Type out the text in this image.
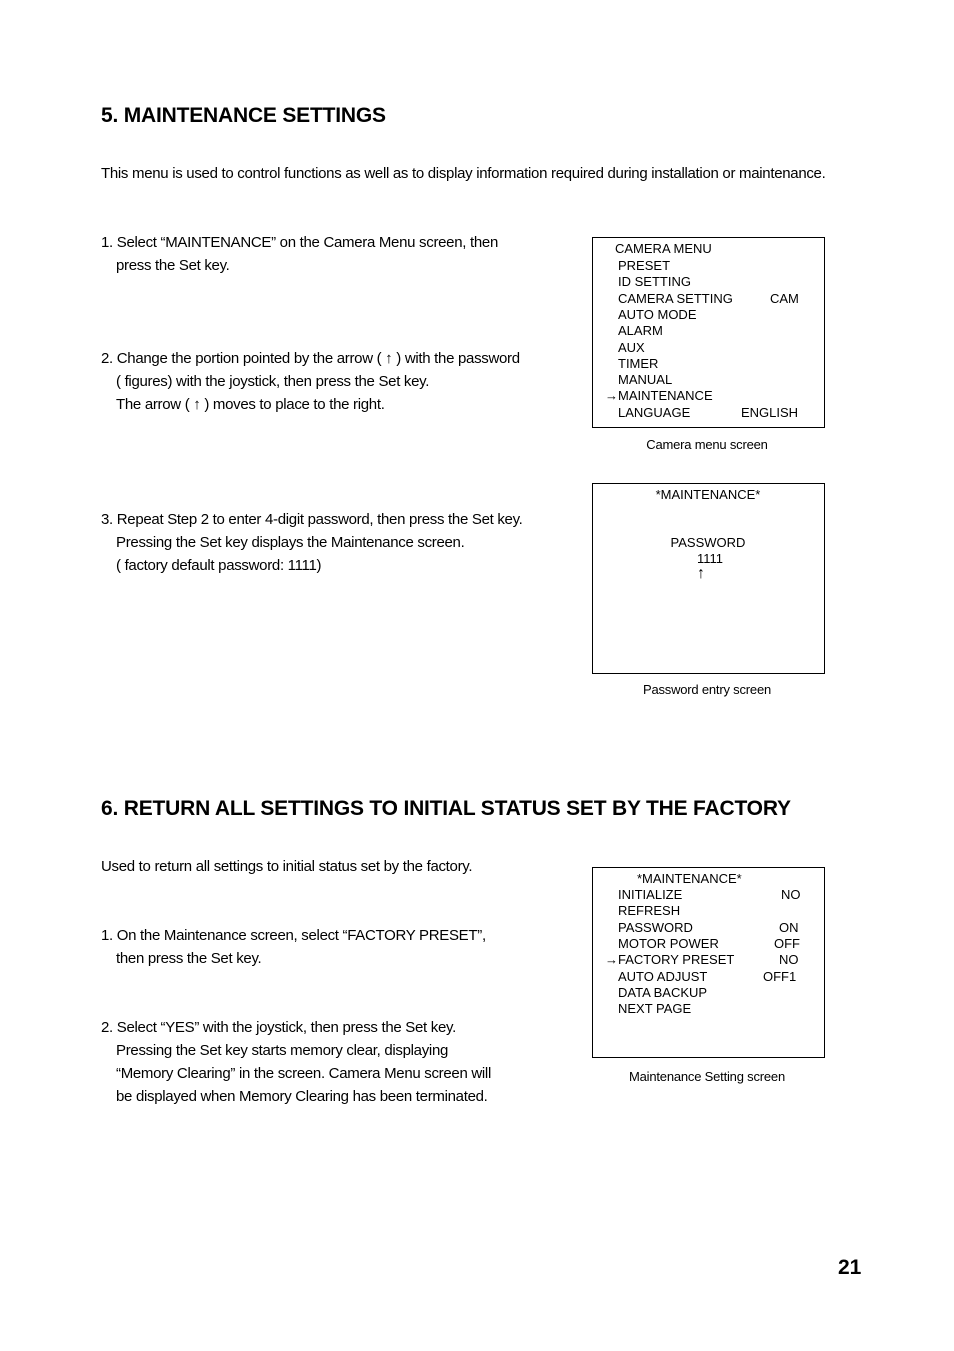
5. MAINTENANCE SETTINGS

This menu is used to control functions as well as to display information required during installation or maintenance.

1. Select “MAINTENANCE” on the Camera Menu screen, then
press the Set key.
2. Change the portion pointed by the arrow ( ↑ ) with the password
( figures) with the joystick, then press the Set key.
The arrow ( ↑ ) moves to place to the right.
3. Repeat Step 2 to enter 4-digit password, then press the Set key.
Pressing the Set key displays the Maintenance screen.
( factory default password: 1111)
CAMERA MENU
PRESET
ID SETTING
CAMERA SETTING	CAM
AUTO MODE
ALARM
AUX
TIMER
MANUAL
→ MAINTENANCE
LANGUAGE	ENGLISH
Camera menu screen
*MAINTENANCE*
PASSWORD
1111
↑
Password entry screen
6. RETURN ALL SETTINGS TO INITIAL STATUS SET BY THE FACTORY

Used to return all settings to initial status set by the factory.

1. On the Maintenance screen, select “FACTORY PRESET”,
then press the Set key.
2. Select “YES” with the joystick, then press the Set key.
Pressing the Set key starts memory clear, displaying
“Memory Clearing” in the screen. Camera Menu screen will
be displayed when Memory Clearing has been terminated.
*MAINTENANCE*
INITIALIZE	NO
REFRESH
PASSWORD	ON
MOTOR POWER	OFF
→ FACTORY PRESET	NO
AUTO ADJUST	OFF1
DATA BACKUP
NEXT PAGE
Maintenance Setting screen
21
